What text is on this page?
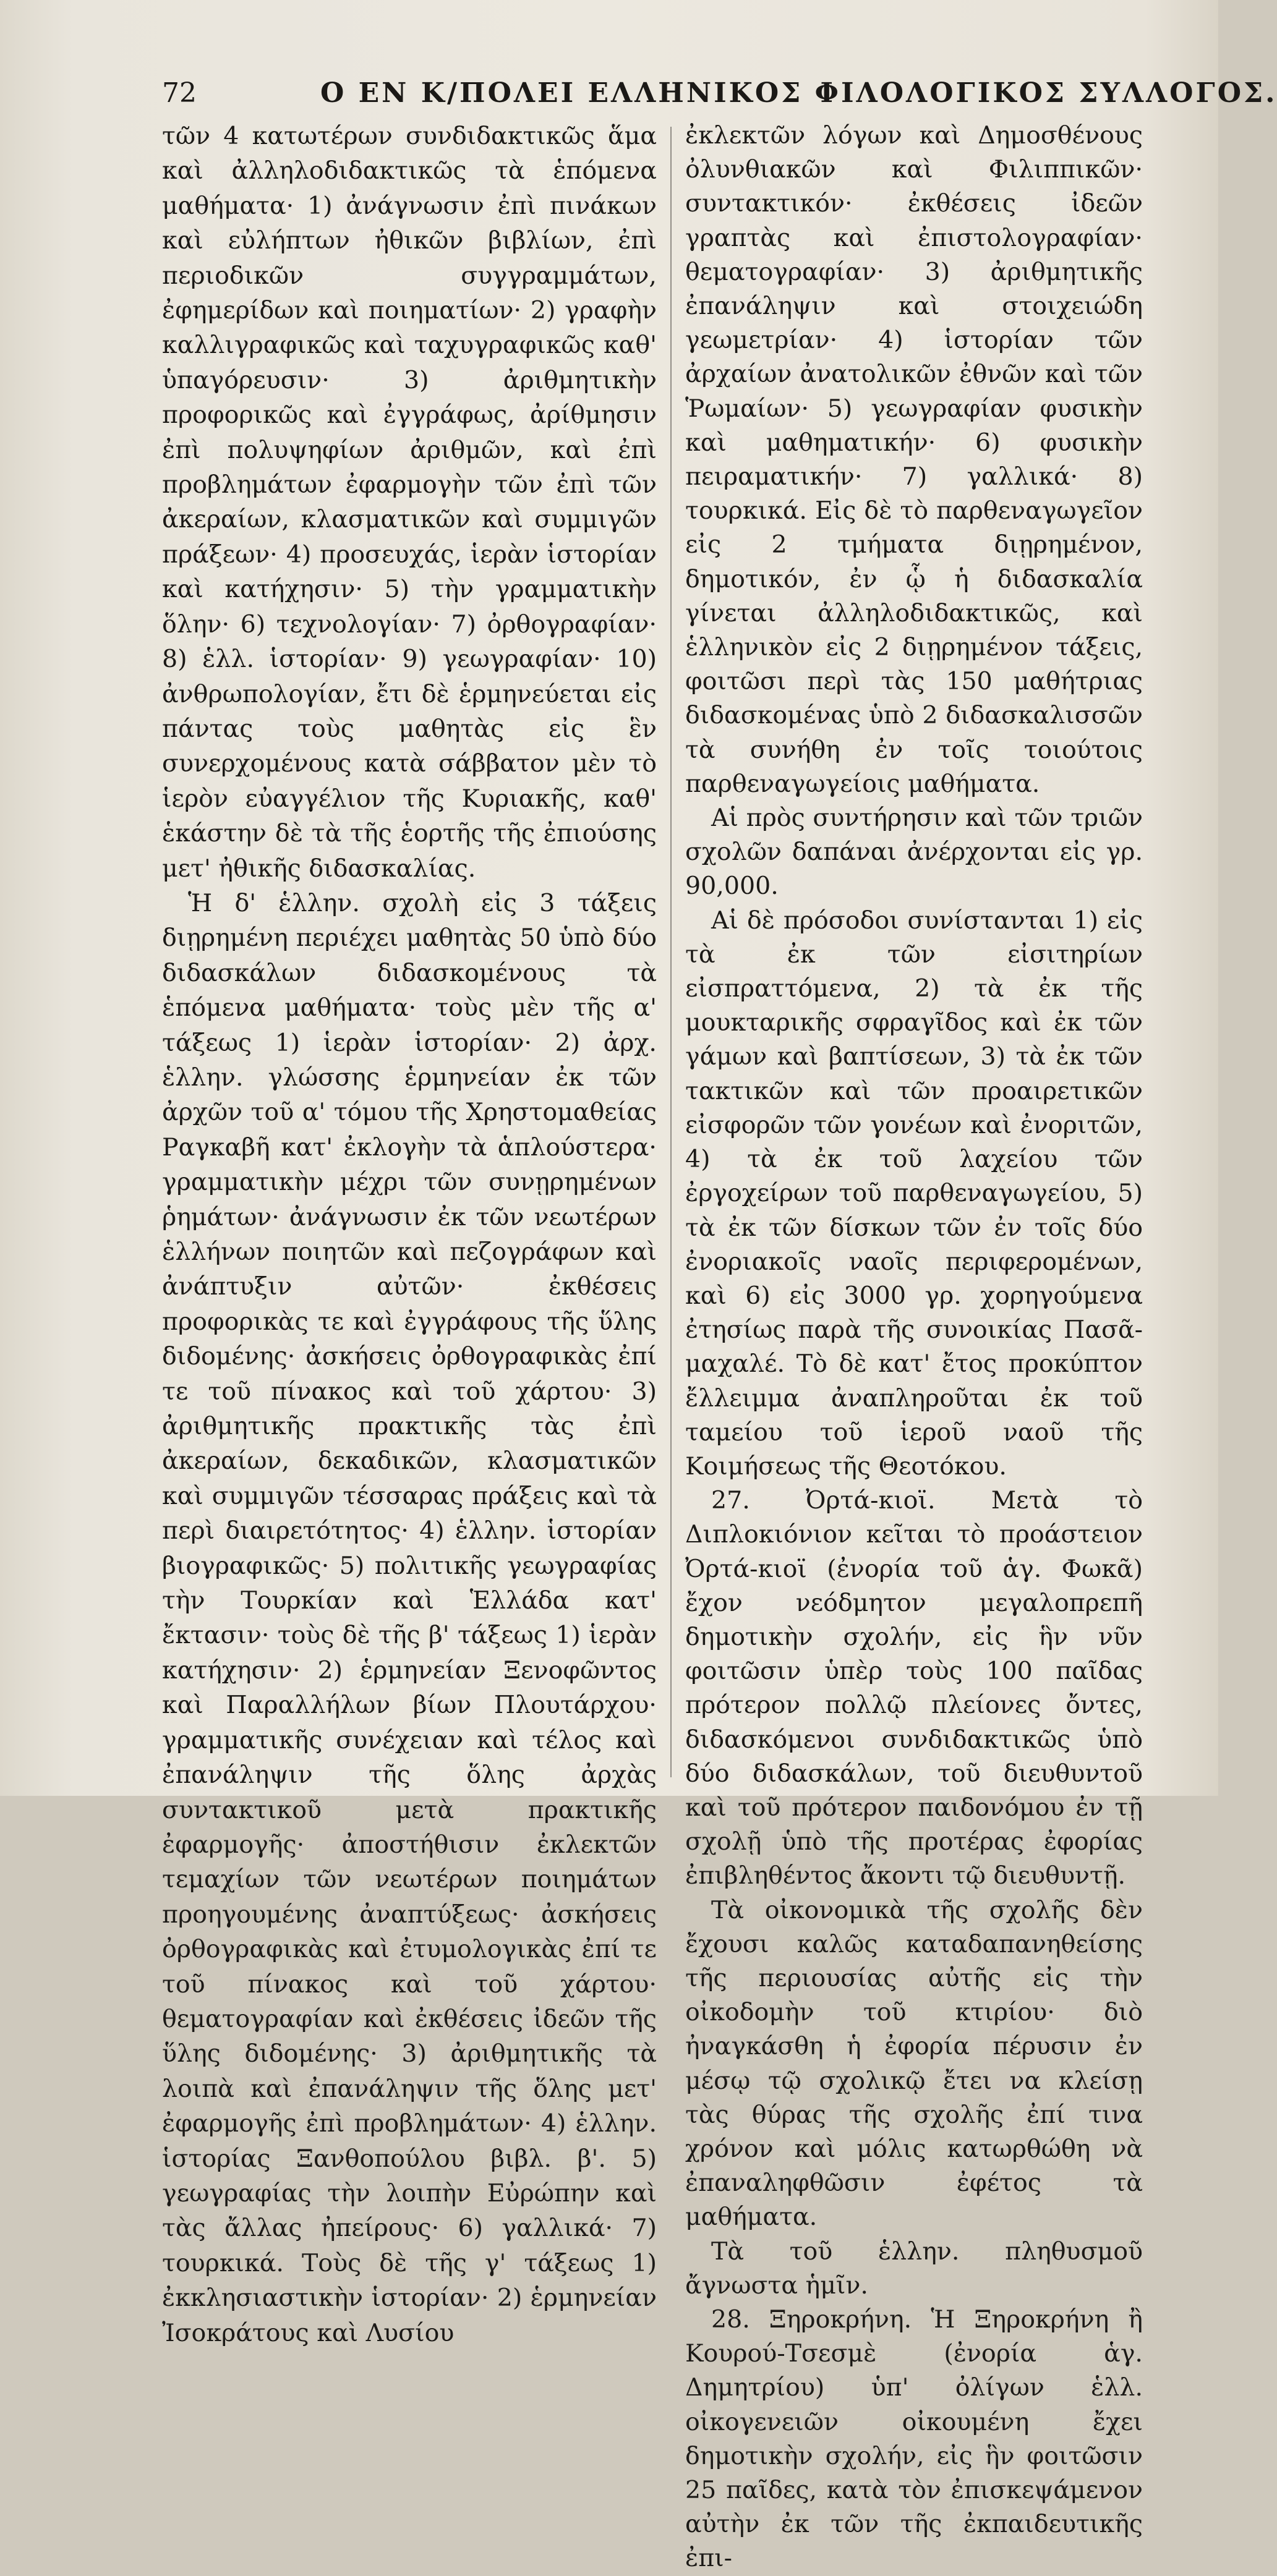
72	Ο ΕΝ Κ/ΠΟΛΕΙ ΕΛΛΗΝΙΚΟΣ ΦΙΛΟΛΟΓΙΚΟΣ ΣΥΛΛΟΓΟΣ.

τῶν 4 κατωτέρων συνδιδακτικῶς ἅμα καὶ ἀλληλοδιδακτικῶς τὰ ἑπόμενα μαθήματα· 1) ἀνάγνωσιν ἐπὶ πινάκων καὶ εὐλήπτων ἠθικῶν βιβλίων, ἐπὶ περιοδικῶν συγγραμμάτων, ἐφημερίδων καὶ ποιηματίων· 2) γραφὴν καλλιγραφικῶς καὶ ταχυγραφικῶς καθ' ὑπαγόρευσιν· 3) ἀριθμητικὴν προφορικῶς καὶ ἐγγράφως, ἀρίθμησιν ἐπὶ πολυψηφίων ἀριθμῶν, καὶ ἐπὶ προβλημάτων ἐφαρμογὴν τῶν ἐπὶ τῶν ἀκεραίων, κλασματικῶν καὶ συμμιγῶν πράξεων· 4) προσευχάς, ἱερὰν ἱστορίαν καὶ κατήχησιν· 5) τὴν γραμματικὴν ὅλην· 6) τεχνολογίαν· 7) ὀρθογραφίαν· 8) ἑλλ. ἱστορίαν· 9) γεωγραφίαν· 10) ἀνθρωπολογίαν, ἔτι δὲ ἑρμηνεύεται εἰς πάντας τοὺς μαθητὰς εἰς ἓν συνερχομένους κατὰ σάββατον μὲν τὸ ἱερὸν εὐαγγέλιον τῆς Κυριακῆς, καθ' ἑκάστην δὲ τὰ τῆς ἑορτῆς τῆς ἐπιούσης μετ' ἠθικῆς διδασκαλίας.

Ἡ δ' ἑλλην. σχολὴ εἰς 3 τάξεις διῃρημένη περιέχει μαθητὰς 50 ὑπὸ δύο διδασκάλων διδασκομένους τὰ ἑπόμενα μαθήματα· τοὺς μὲν τῆς α' τάξεως 1) ἱερὰν ἱστορίαν· 2) ἀρχ. ἑλλην. γλώσσης ἑρμηνείαν ἐκ τῶν ἀρχῶν τοῦ α' τόμου τῆς Χρηστομαθείας Ραγκαβῆ κατ' ἐκλογὴν τὰ ἁπλούστερα· γραμματικὴν μέχρι τῶν συνῃρημένων ῥημάτων· ἀνάγνωσιν ἐκ τῶν νεωτέρων ἑλλήνων ποιητῶν καὶ πεζογράφων καὶ ἀνάπτυξιν αὐτῶν· ἐκθέσεις προφορικὰς τε καὶ ἐγγράφους τῆς ὕλης διδομένης· ἀσκήσεις ὀρθογραφικὰς ἐπί τε τοῦ πίνακος καὶ τοῦ χάρτου· 3) ἀριθμητικῆς πρακτικῆς τὰς ἐπὶ ἀκεραίων, δεκαδικῶν, κλασματικῶν καὶ συμμιγῶν τέσσαρας πράξεις καὶ τὰ περὶ διαιρετότητος· 4) ἑλλην. ἱστορίαν βιογραφικῶς· 5) πολιτικῆς γεωγραφίας τὴν Τουρκίαν καὶ Ἑλλάδα κατ' ἔκτασιν· τοὺς δὲ τῆς β' τάξεως 1) ἱερὰν κατήχησιν· 2) ἑρμηνείαν Ξενοφῶντος καὶ Παραλλήλων βίων Πλουτάρχου· γραμματικῆς συνέχειαν καὶ τέλος καὶ ἐπανάληψιν τῆς ὅλης ἀρχὰς συντακτικοῦ μετὰ πρακτικῆς ἐφαρμογῆς· ἀποστήθισιν ἐκλεκτῶν τεμαχίων τῶν νεωτέρων ποιημάτων προηγουμένης ἀναπτύξεως· ἀσκήσεις ὀρθογραφικὰς καὶ ἐτυμολογικὰς ἐπί τε τοῦ πίνακος καὶ τοῦ χάρτου· θεματογραφίαν καὶ ἐκθέσεις ἰδεῶν τῆς ὕλης διδομένης· 3) ἀριθμητικῆς τὰ λοιπὰ καὶ ἐπανάληψιν τῆς ὅλης μετ' ἐφαρμογῆς ἐπὶ προβλημάτων· 4) ἑλλην. ἱστορίας Ξανθοπούλου βιβλ. β'. 5) γεωγραφίας τὴν λοιπὴν Εὐρώπην καὶ τὰς ἄλλας ἠπείρους· 6) γαλλικά· 7) τουρκικά. Τοὺς δὲ τῆς γ' τάξεως 1) ἐκκλησιαστικὴν ἱστορίαν· 2) ἑρμηνείαν Ἰσοκράτους καὶ Λυσίου

ἐκλεκτῶν λόγων καὶ Δημοσθένους ὀλυνθιακῶν καὶ Φιλιππικῶν· συντακτικόν· ἐκθέσεις ἰδεῶν γραπτὰς καὶ ἐπιστολογραφίαν· θεματογραφίαν· 3) ἀριθμητικῆς ἐπανάληψιν καὶ στοιχειώδη γεωμετρίαν· 4) ἱστορίαν τῶν ἀρχαίων ἀνατολικῶν ἐθνῶν καὶ τῶν Ῥωμαίων· 5) γεωγραφίαν φυσικὴν καὶ μαθηματικήν· 6) φυσικὴν πειραματικήν· 7) γαλλικά· 8) τουρκικά. Εἰς δὲ τὸ παρθεναγωγεῖον εἰς 2 τμήματα διῃρημένον, δημοτικόν, ἐν ᾧ ἡ διδασκαλία γίνεται ἀλληλοδιδακτικῶς, καὶ ἑλληνικὸν εἰς 2 διῃρημένον τάξεις, φοιτῶσι περὶ τὰς 150 μαθήτριας διδασκομένας ὑπὸ 2 διδασκαλισσῶν τὰ συνήθη ἐν τοῖς τοιούτοις παρθεναγωγείοις μαθήματα.

Αἱ πρὸς συντήρησιν καὶ τῶν τριῶν σχολῶν δαπάναι ἀνέρχονται εἰς γρ. 90,000.

Αἱ δὲ πρόσοδοι συνίστανται 1) εἰς τὰ ἐκ τῶν εἰσιτηρίων εἰσπραττόμενα, 2) τὰ ἐκ τῆς μουκταρικῆς σφραγῖδος καὶ ἐκ τῶν γάμων καὶ βαπτίσεων, 3) τὰ ἐκ τῶν τακτικῶν καὶ τῶν προαιρετικῶν εἰσφορῶν τῶν γονέων καὶ ἐνοριτῶν, 4) τὰ ἐκ τοῦ λαχείου τῶν ἐργοχείρων τοῦ παρθεναγωγείου, 5) τὰ ἐκ τῶν δίσκων τῶν ἐν τοῖς δύο ἐνοριακοῖς ναοῖς περιφερομένων, καὶ 6) εἰς 3000 γρ. χορηγούμενα ἐτησίως παρὰ τῆς συνοικίας Πασᾶ-μαχαλέ. Τὸ δὲ κατ' ἔτος προκύπτον ἔλλειμμα ἀναπληροῦται ἐκ τοῦ ταμείου τοῦ ἱεροῦ ναοῦ τῆς Κοιμήσεως τῆς Θεοτόκου.

27. Ὀρτά-κιοϊ. Μετὰ τὸ Διπλοκιόνιον κεῖται τὸ προάστειον Ὀρτά-κιοϊ (ἐνορία τοῦ ἁγ. Φωκᾶ) ἔχον νεόδμητον μεγαλοπρεπῆ δημοτικὴν σχολήν, εἰς ἣν νῦν φοιτῶσιν ὑπὲρ τοὺς 100 παῖδας πρότερον πολλῷ πλείονες ὄντες, διδασκόμενοι συνδιδακτικῶς ὑπὸ δύο διδασκάλων, τοῦ διευθυντοῦ καὶ τοῦ πρότερον παιδονόμου ἐν τῇ σχολῇ ὑπὸ τῆς προτέρας ἐφορίας ἐπιβληθέντος ἄκοντι τῷ διευθυντῇ.

Τὰ οἰκονομικὰ τῆς σχολῆς δὲν ἔχουσι καλῶς καταδαπανηθείσης τῆς περιουσίας αὐτῆς εἰς τὴν οἰκοδομὴν τοῦ κτιρίου· διὸ ἠναγκάσθη ἡ ἐφορία πέρυσιν ἐν μέσῳ τῷ σχολικῷ ἔτει να κλείσῃ τὰς θύρας τῆς σχολῆς ἐπί τινα χρόνον καὶ μόλις κατωρθώθη νὰ ἐπαναληφθῶσιν ἐφέτος τὰ μαθήματα.

Τὰ τοῦ ἑλλην. πληθυσμοῦ ἄγνωστα ἡμῖν.

28. Ξηροκρήνη. Ἡ Ξηροκρήνη ἢ Κουρού-Τσεσμὲ (ἐνορία ἁγ. Δημητρίου) ὑπ' ὀλίγων ἑλλ. οἰκογενειῶν οἰκουμένη ἔχει δημοτικὴν σχολήν, εἰς ἣν φοιτῶσιν 25 παῖδες, κατὰ τὸν ἐπισκεψάμενον αὐτὴν ἐκ τῶν τῆς ἐκπαιδευτικῆς ἐπι-
